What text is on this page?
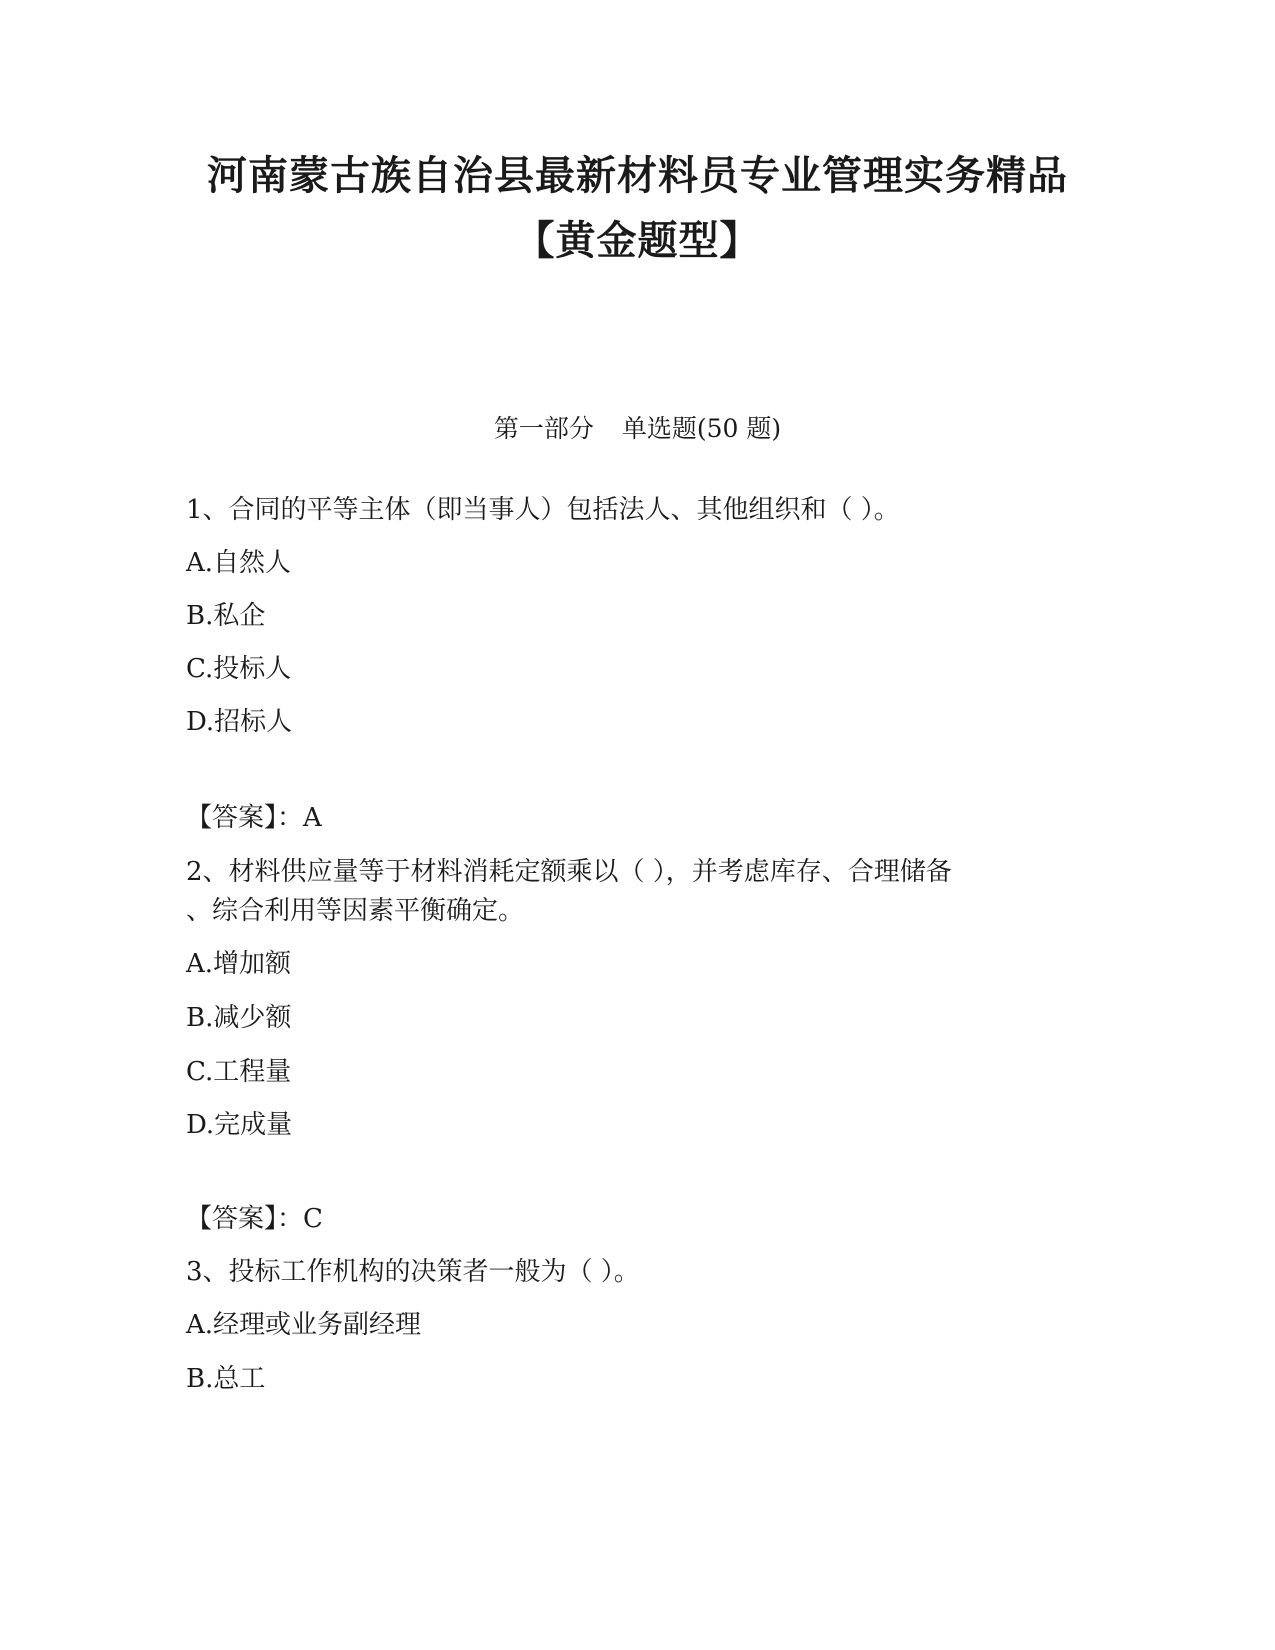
河南蒙古族自治县最新材料员专业管理实务精品
【黄金题型】
第一部分 单选题(50 题)
1、合同的平等主体（即当事人）包括法人、其他组织和（ ）。
A.自然人
B.私企
C.投标人
D.招标人
【答案】：A
2、材料供应量等于材料消耗定额乘以（ ），并考虑库存、合理储备
、综合利用等因素平衡确定。
A.增加额
B.减少额
C.工程量
D.完成量
【答案】：C
3、投标工作机构的决策者一般为（ ）。
A.经理或业务副经理
B.总工
